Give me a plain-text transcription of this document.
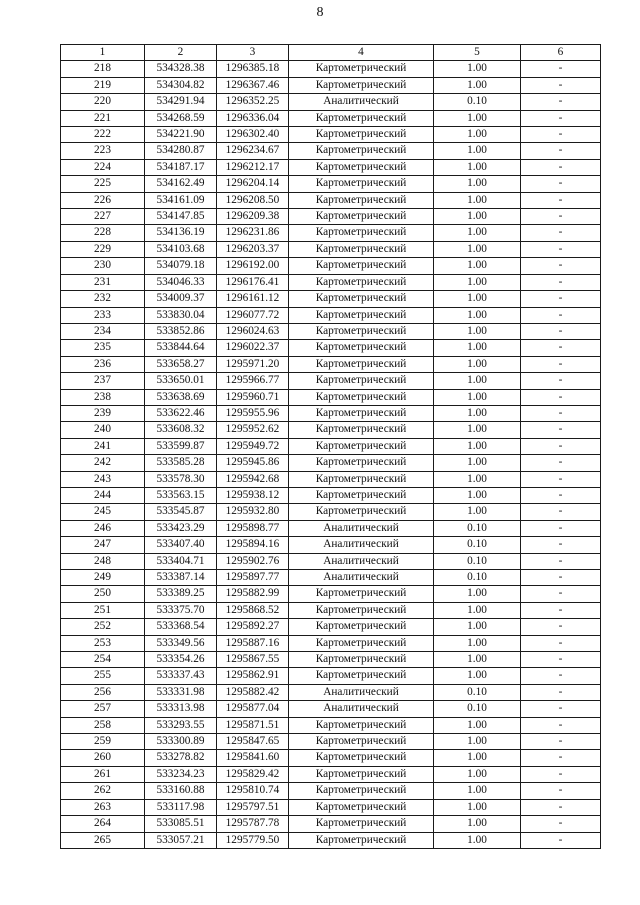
8
1	2	3	4	5	6
218	534328.38	1296385.18	Картометрический	1.00	-
219	534304.82	1296367.46	Картометрический	1.00	-
220	534291.94	1296352.25	Аналитический	0.10	-
221	534268.59	1296336.04	Картометрический	1.00	-
222	534221.90	1296302.40	Картометрический	1.00	-
223	534280.87	1296234.67	Картометрический	1.00	-
224	534187.17	1296212.17	Картометрический	1.00	-
225	534162.49	1296204.14	Картометрический	1.00	-
226	534161.09	1296208.50	Картометрический	1.00	-
227	534147.85	1296209.38	Картометрический	1.00	-
228	534136.19	1296231.86	Картометрический	1.00	-
229	534103.68	1296203.37	Картометрический	1.00	-
230	534079.18	1296192.00	Картометрический	1.00	-
231	534046.33	1296176.41	Картометрический	1.00	-
232	534009.37	1296161.12	Картометрический	1.00	-
233	533830.04	1296077.72	Картометрический	1.00	-
234	533852.86	1296024.63	Картометрический	1.00	-
235	533844.64	1296022.37	Картометрический	1.00	-
236	533658.27	1295971.20	Картометрический	1.00	-
237	533650.01	1295966.77	Картометрический	1.00	-
238	533638.69	1295960.71	Картометрический	1.00	-
239	533622.46	1295955.96	Картометрический	1.00	-
240	533608.32	1295952.62	Картометрический	1.00	-
241	533599.87	1295949.72	Картометрический	1.00	-
242	533585.28	1295945.86	Картометрический	1.00	-
243	533578.30	1295942.68	Картометрический	1.00	-
244	533563.15	1295938.12	Картометрический	1.00	-
245	533545.87	1295932.80	Картометрический	1.00	-
246	533423.29	1295898.77	Аналитический	0.10	-
247	533407.40	1295894.16	Аналитический	0.10	-
248	533404.71	1295902.76	Аналитический	0.10	-
249	533387.14	1295897.77	Аналитический	0.10	-
250	533389.25	1295882.99	Картометрический	1.00	-
251	533375.70	1295868.52	Картометрический	1.00	-
252	533368.54	1295892.27	Картометрический	1.00	-
253	533349.56	1295887.16	Картометрический	1.00	-
254	533354.26	1295867.55	Картометрический	1.00	-
255	533337.43	1295862.91	Картометрический	1.00	-
256	533331.98	1295882.42	Аналитический	0.10	-
257	533313.98	1295877.04	Аналитический	0.10	-
258	533293.55	1295871.51	Картометрический	1.00	-
259	533300.89	1295847.65	Картометрический	1.00	-
260	533278.82	1295841.60	Картометрический	1.00	-
261	533234.23	1295829.42	Картометрический	1.00	-
262	533160.88	1295810.74	Картометрический	1.00	-
263	533117.98	1295797.51	Картометрический	1.00	-
264	533085.51	1295787.78	Картометрический	1.00	-
265	533057.21	1295779.50	Картометрический	1.00	-
